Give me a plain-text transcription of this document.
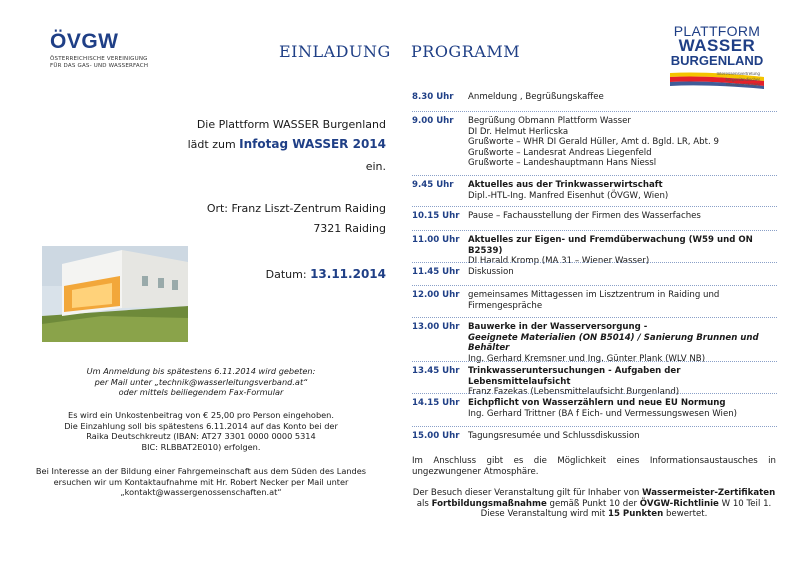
ÖVGW
ÖSTERREICHISCHE VEREINIGUNG
FÜR DAS GAS- UND WASSERFACH
EINLADUNG PROGRAMM
PLATTFORM
WASSER
BURGENLAND
Interessensvertretung
burgenländischer
Wasserversorger
Die Plattform WASSER Burgenland
lädt zum Infotag WASSER 2014
ein.
Ort: Franz Liszt-Zentrum Raiding
7321 Raiding
Datum: 13.11.2014
Um Anmeldung bis spätestens 6.11.2014 wird gebeten:
per Mail unter „technik@wasserleitungsverband.at“
oder mittels beiliegendem Fax-Formular
Es wird ein Unkostenbeitrag von € 25,00 pro Person eingehoben.
Die Einzahlung soll bis spätestens 6.11.2014 auf das Konto bei der
Raika Deutschkreutz (IBAN: AT27 3301 0000 0000 5314
BIC: RLBBAT2E010) erfolgen.
Bei Interesse an der Bildung einer Fahrgemeinschaft aus dem Süden des Landes
ersuchen wir um Kontaktaufnahme mit Hr. Robert Necker per Mail unter
„kontakt@wassergenossenschaften.at“
8.30 Uhr	Anmeldung , Begrüßungskaffee
9.00 Uhr	Begrüßung Obmann Plattform Wasser
DI Dr. Helmut Herlicska
Grußworte – WHR DI Gerald Hüller, Amt d. Bgld. LR, Abt. 9
Grußworte – Landesrat Andreas Liegenfeld
Grußworte – Landeshauptmann Hans Niessl
9.45 Uhr	Aktuelles aus der Trinkwasserwirtschaft
Dipl.-HTL-Ing. Manfred Eisenhut (ÖVGW, Wien)
10.15 Uhr Pause – Fachausstellung der Firmen des Wasserfaches
11.00 Uhr Aktuelles zur Eigen- und Fremdüberwachung (W59 und ON B2539)
DI Harald Kromp (MA 31 – Wiener Wasser)
11.45 Uhr Diskussion
12.00 Uhr gemeinsames Mittagessen im Lisztzentrum in Raiding und
Firmengespräche
13.00 Uhr Bauwerke in der Wasserversorgung -
Geeignete Materialien (ON B5014) / Sanierung Brunnen und Behälter
Ing. Gerhard Kremsner und Ing. Günter Plank (WLV NB)
13.45 Uhr Trinkwasseruntersuchungen - Aufgaben der Lebensmittelaufsicht
Franz Fazekas (Lebensmittelaufsicht Burgenland)
14.15 Uhr Eichpflicht von Wasserzählern und neue EU Normung
Ing. Gerhard Trittner (BA f Eich- und Vermessungswesen Wien)
15.00 Uhr Tagungsresumée und Schlussdiskussion
Im Anschluss gibt es die Möglichkeit eines Informationsaustausches in ungezwungener Atmosphäre.
Der Besuch dieser Veranstaltung gilt für Inhaber von Wassermeister-Zertifikaten als Fortbildungsmaßnahme gemäß Punkt 10 der ÖVGW-Richtlinie W 10 Teil 1. Diese Veranstaltung wird mit 15 Punkten bewertet.
